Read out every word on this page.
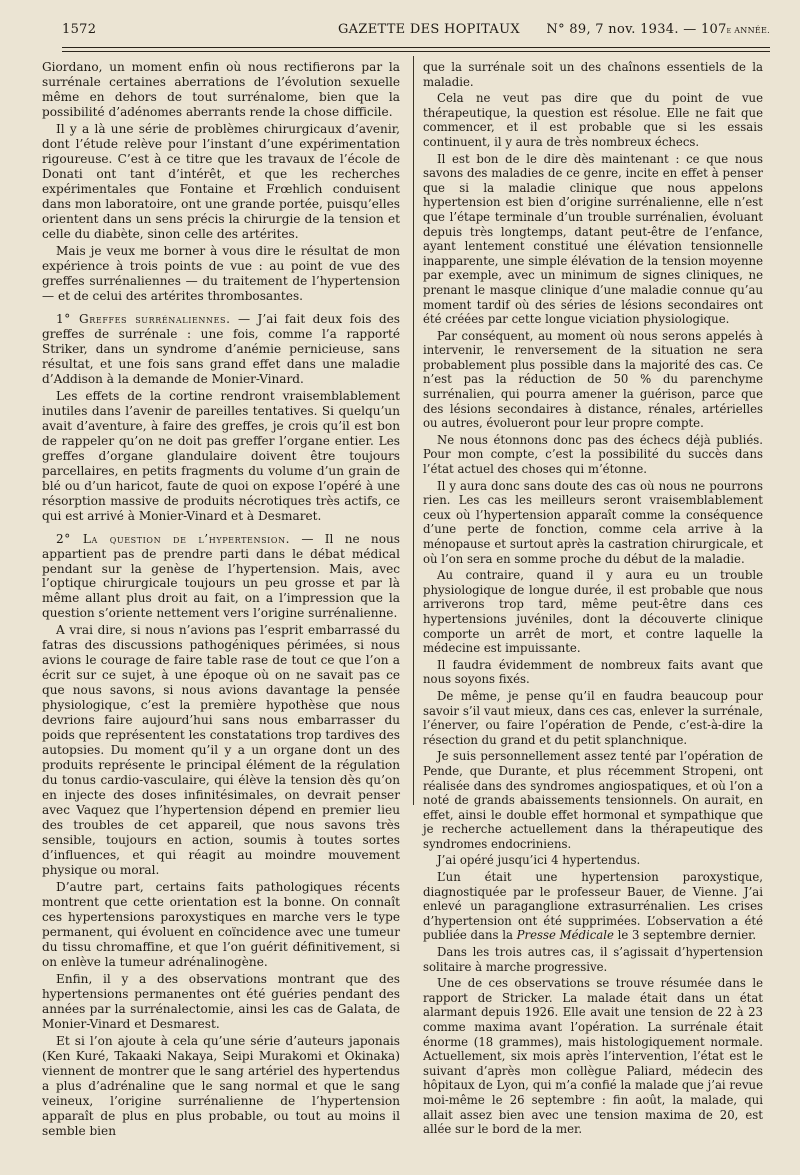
1572	GAZETTE DES HOPITAUX N° 89, 7 nov. 1934. — 107e ANNÉE.

Giordano, un moment enfin où nous rectifierons par la surrénale certaines aberrations de l’évolution sexuelle même en dehors de tout surrénalome, bien que la possibilité d’adénomes aberrants rende la chose difficile.

Il y a là une série de problèmes chirurgicaux d’avenir, dont l’étude relève pour l’instant d’une expérimentation rigoureuse. C’est à ce titre que les travaux de l’école de Donati ont tant d’intérêt, et que les recherches expérimentales que Fontaine et Frœhlich conduisent dans mon laboratoire, ont une grande portée, puisqu’elles orientent dans un sens précis la chirurgie de la tension et celle du diabète, sinon celle des artérites.

Mais je veux me borner à vous dire le résultat de mon expérience à trois points de vue : au point de vue des greffes surrénaliennes — du traitement de l’hypertension — et de celui des artérites thrombosantes.

1° Greffes surrénaliennes. — J’ai fait deux fois des greffes de surrénale : une fois, comme l’a rapporté Striker, dans un syndrome d’anémie pernicieuse, sans résultat, et une fois sans grand effet dans une maladie d’Addison à la demande de Monier-Vinard.

Les effets de la cortine rendront vraisemblablement inutiles dans l’avenir de pareilles tentatives. Si quelqu’un avait d’aventure, à faire des greffes, je crois qu’il est bon de rappeler qu’on ne doit pas greffer l’organe entier. Les greffes d’organe glandulaire doivent être toujours parcellaires, en petits fragments du volume d’un grain de blé ou d’un haricot, faute de quoi on expose l’opéré à une résorption massive de produits nécrotiques très actifs, ce qui est arrivé à Monier-Vinard et à Desmaret.

2° La question de l’hypertension. — Il ne nous appartient pas de prendre parti dans le débat médical pendant sur la genèse de l’hypertension. Mais, avec l’optique chirurgicale toujours un peu grosse et par là même allant plus droit au fait, on a l’impression que la question s’oriente nettement vers l’origine surrénalienne.

A vrai dire, si nous n’avions pas l’esprit embarrassé du fatras des discussions pathogéniques périmées, si nous avions le courage de faire table rase de tout ce que l’on a écrit sur ce sujet, à une époque où on ne savait pas ce que nous savons, si nous avions davantage la pensée physiologique, c’est la première hypothèse que nous devrions faire aujourd’hui sans nous embarrasser du poids que représentent les constatations trop tardives des autopsies. Du moment qu’il y a un organe dont un des produits représente le principal élément de la régulation du tonus cardio-vasculaire, qui élève la tension dès qu’on en injecte des doses infinitésimales, on devrait penser avec Vaquez que l’hypertension dépend en premier lieu des troubles de cet appareil, que nous savons très sensible, toujours en action, soumis à toutes sortes d’influences, et qui réagit au moindre mouvement physique ou moral.

D’autre part, certains faits pathologiques récents montrent que cette orientation est la bonne. On connaît ces hypertensions paroxystiques en marche vers le type permanent, qui évoluent en coïncidence avec une tumeur du tissu chromaffine, et que l’on guérit définitivement, si on enlève la tumeur adrénalinogène.

Enfin, il y a des observations montrant que des hypertensions permanentes ont été guéries pendant des années par la surrénalectomie, ainsi les cas de Galata, de Monier-Vinard et Desmarest.

Et si l’on ajoute à cela qu’une série d’auteurs japonais (Ken Kuré, Takaaki Nakaya, Seipi Murakomi et Okinaka) viennent de montrer que le sang artériel des hypertendus a plus d’adrénaline que le sang normal et que le sang veineux, l’origine surrénalienne de l’hypertension apparaît de plus en plus probable, ou tout au moins il semble bien

que la surrénale soit un des chaînons essentiels de la maladie.

Cela ne veut pas dire que du point de vue thérapeutique, la question est résolue. Elle ne fait que commencer, et il est probable que si les essais continuent, il y aura de très nombreux échecs.

Il est bon de le dire dès maintenant : ce que nous savons des maladies de ce genre, incite en effet à penser que si la maladie clinique que nous appelons hypertension est bien d’origine surrénalienne, elle n’est que l’étape terminale d’un trouble surrénalien, évoluant depuis très longtemps, datant peut-être de l’enfance, ayant lentement constitué une élévation tensionnelle inapparente, une simple élévation de la tension moyenne par exemple, avec un minimum de signes cliniques, ne prenant le masque clinique d’une maladie connue qu’au moment tardif où des séries de lésions secondaires ont été créées par cette longue viciation physiologique.

Par conséquent, au moment où nous serons appelés à intervenir, le renversement de la situation ne sera probablement plus possible dans la majorité des cas. Ce n’est pas la réduction de 50 % du parenchyme surrénalien, qui pourra amener la guérison, parce que des lésions secondaires à distance, rénales, artérielles ou autres, évolueront pour leur propre compte.

Ne nous étonnons donc pas des échecs déjà publiés. Pour mon compte, c’est la possibilité du succès dans l’état actuel des choses qui m’étonne.

Il y aura donc sans doute des cas où nous ne pourrons rien. Les cas les meilleurs seront vraisemblablement ceux où l’hypertension apparaît comme la conséquence d’une perte de fonction, comme cela arrive à la ménopause et surtout après la castration chirurgicale, et où l’on sera en somme proche du début de la maladie.

Au contraire, quand il y aura eu un trouble physiologique de longue durée, il est probable que nous arriverons trop tard, même peut-être dans ces hypertensions juvéniles, dont la découverte clinique comporte un arrêt de mort, et contre laquelle la médecine est impuissante.

Il faudra évidemment de nombreux faits avant que nous soyons fixés.

De même, je pense qu’il en faudra beaucoup pour savoir s’il vaut mieux, dans ces cas, enlever la surrénale, l’énerver, ou faire l’opération de Pende, c’est-à-dire la résection du grand et du petit splanchnique.

Je suis personnellement assez tenté par l’opération de Pende, que Durante, et plus récemment Stropeni, ont réalisée dans des syndromes angiospatiques, et où l’on a noté de grands abaissements tensionnels. On aurait, en effet, ainsi le double effet hormonal et sympathique que je recherche actuellement dans la thérapeutique des syndromes endocriniens.

J’ai opéré jusqu’ici 4 hypertendus.

L’un était une hypertension paroxystique, diagnostiquée par le professeur Bauer, de Vienne. J’ai enlevé un paraganglione extrasurrénalien. Les crises d’hypertension ont été supprimées. L’observation a été publiée dans la Presse Médicale le 3 septembre dernier.

Dans les trois autres cas, il s’agissait d’hypertension solitaire à marche progressive.

Une de ces observations se trouve résumée dans le rapport de Stricker. La malade était dans un état alarmant depuis 1926. Elle avait une tension de 22 à 23 comme maxima avant l’opération. La surrénale était énorme (18 grammes), mais histologiquement normale. Actuellement, six mois après l’intervention, l’état est le suivant d’après mon collègue Paliard, médecin des hôpitaux de Lyon, qui m’a confié la malade que j’ai revue moi-même le 26 septembre : fin août, la malade, qui allait assez bien avec une tension maxima de 20, est allée sur le bord de la mer.
